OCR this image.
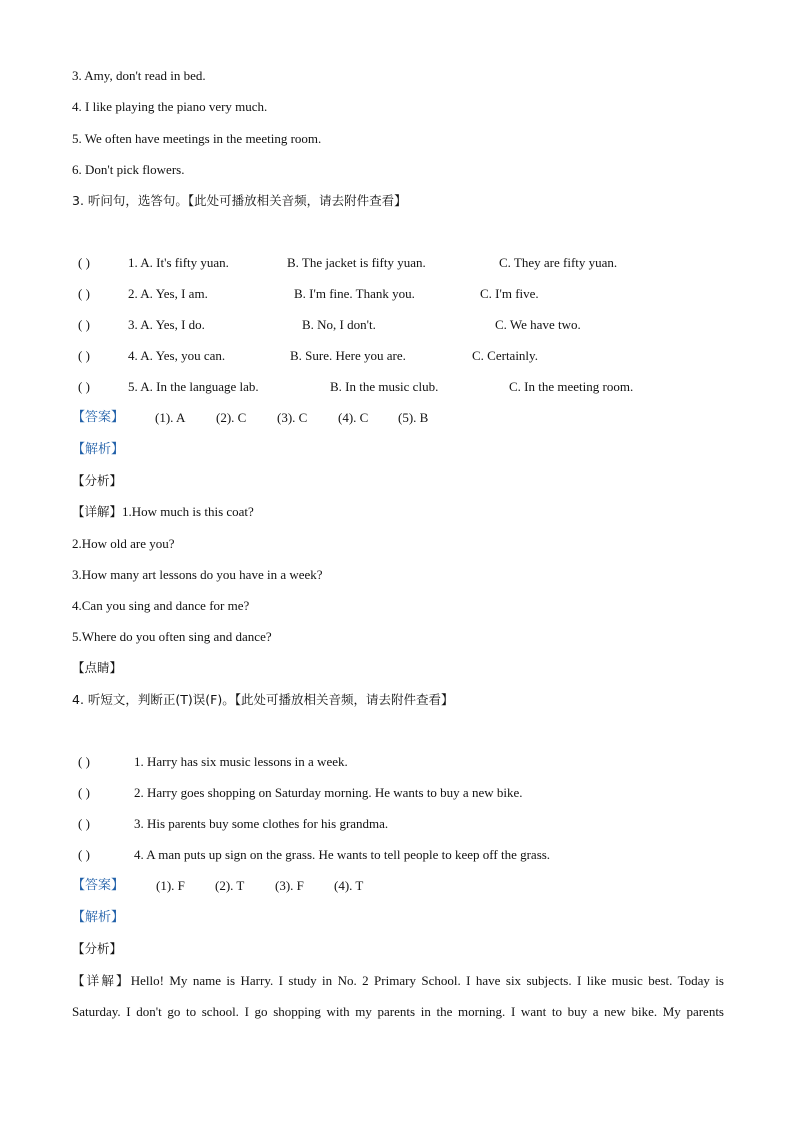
3. Amy, don't read in bed.
4. I like playing the piano very much.
5. We often have meetings in the meeting room.
6. Don't pick flowers.
3. 听问句，选答句。【此处可播放相关音频，请去附件查看】
( )	1. A. It's fifty yuan.	B. The jacket is fifty yuan.	C. They are fifty yuan.
( )	2. A. Yes, I am.	B. I'm fine. Thank you.	C. I'm five.
( )	3. A. Yes, I do.	B. No, I don't.	C. We have two.
( )	4. A. Yes, you can.	B. Sure. Here you are.	C. Certainly.
( )	5. A. In the language lab.	B. In the music club.	C. In the meeting room.
【答案】 (1). A (2). C (3). C (4). C (5). B
【解析】
【分析】
【详解】1.How much is this coat?
2.How old are you?
3.How many art lessons do you have in a week?
4.Can you sing and dance for me?
5.Where do you often sing and dance?
【点睛】
4. 听短文，判断正(T)误(F)。【此处可播放相关音频，请去附件查看】
( )	1. Harry has six music lessons in a week.
( )	2. Harry goes shopping on Saturday morning. He wants to buy a new bike.
( )	3. His parents buy some clothes for his grandma.
( )	4. A man puts up sign on the grass. He wants to tell people to keep off the grass.
【答案】 (1). F (2). T (3). F (4). T
【解析】
【分析】
【详解】Hello! My name is Harry. I study in No. 2 Primary School. I have six subjects. I like music best. Today is
Saturday. I don't go to school. I go shopping with my parents in the morning. I want to buy a new bike. My parents
